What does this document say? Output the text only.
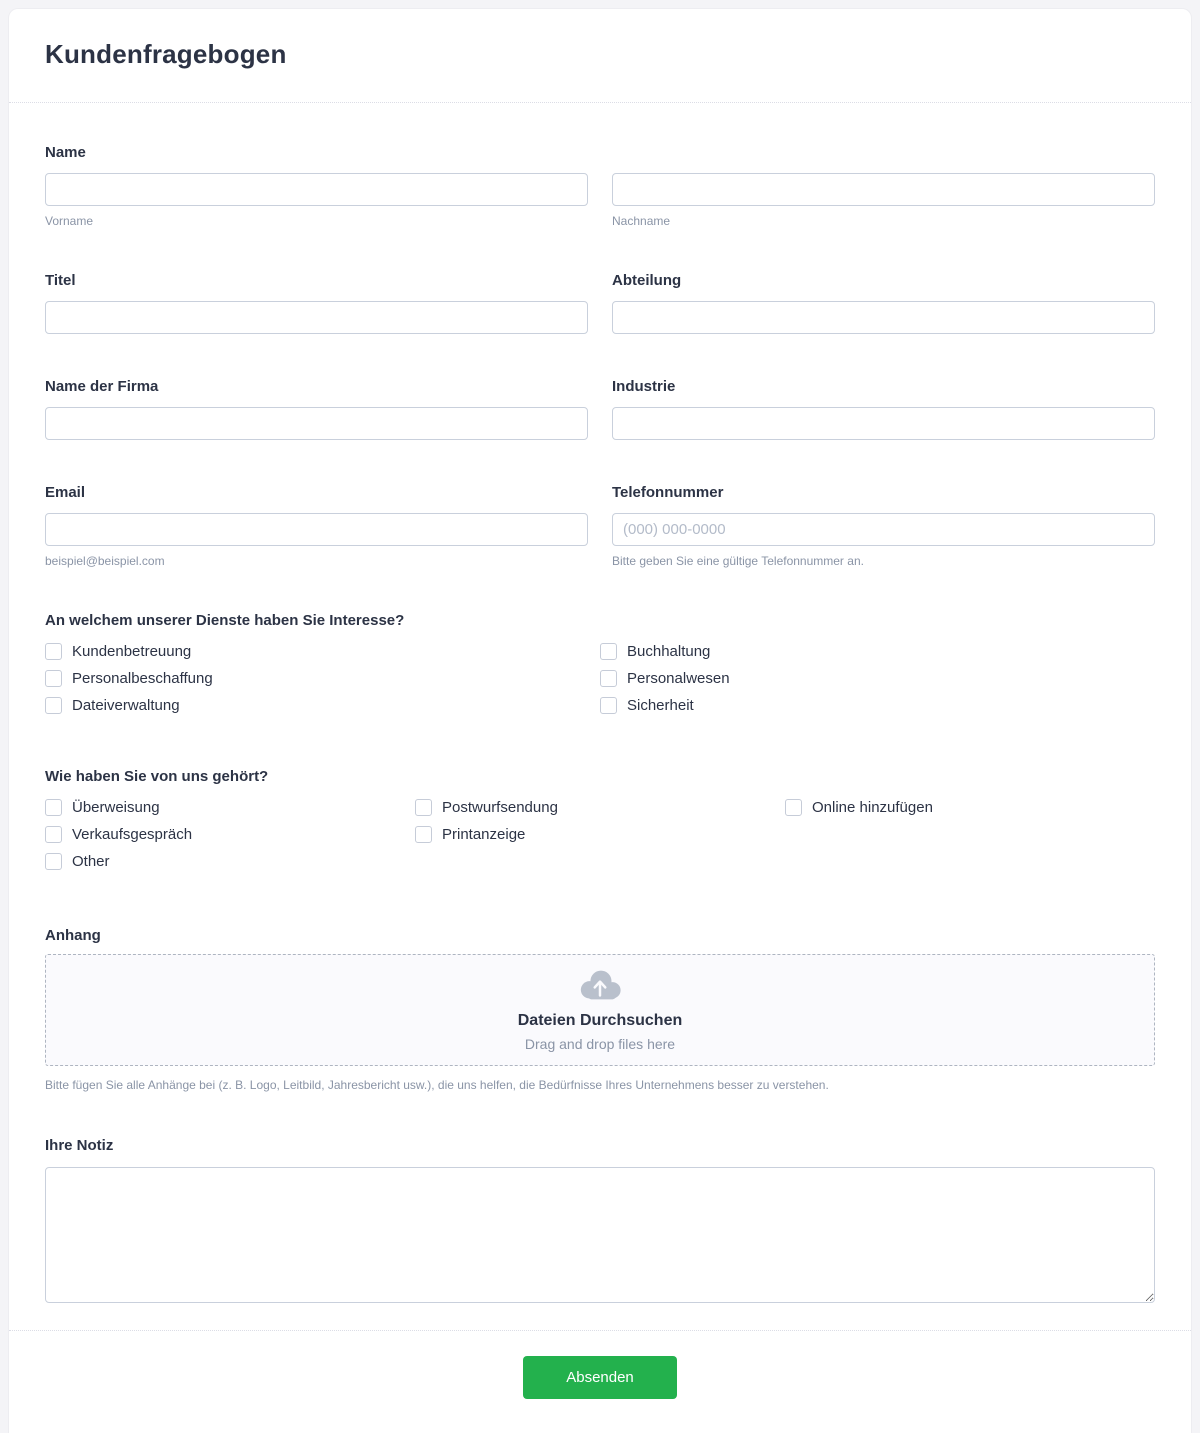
Kundenfragebogen
Name
Vorname	Nachname
Titel	Abteilung
Name der Firma	Industrie
Email
beispiel@beispiel.com
Telefonnummer
(000) 000-0000
Bitte geben Sie eine gültige Telefonnummer an.
An welchem unserer Dienste haben Sie Interesse?
Kundenbetreuung
Personalbeschaffung
Dateiverwaltung
Buchhaltung
Personalwesen
Sicherheit
Wie haben Sie von uns gehört?
Überweisung
Verkaufsgespräch
Other
Postwurfsendung
Printanzeige
Online hinzufügen
Anhang
Dateien Durchsuchen
Drag and drop files here
Bitte fügen Sie alle Anhänge bei (z. B. Logo, Leitbild, Jahresbericht usw.), die uns helfen, die Bedürfnisse Ihres Unternehmens besser zu verstehen.
Ihre Notiz
Absenden
